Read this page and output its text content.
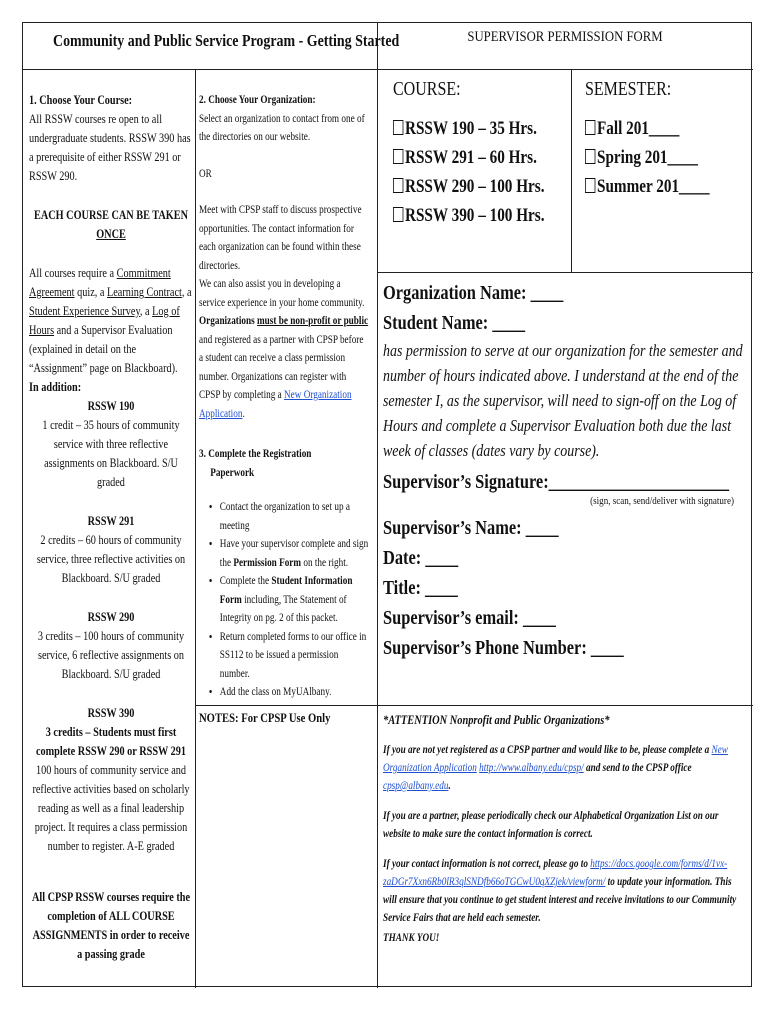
Community and Public Service Program - Getting Started	SUPERVISOR PERMISSION FORM

1. Choose Your Course:

All RSSW courses re open to all undergraduate students. RSSW 390 has a prerequisite of either RSSW 291 or RSSW 290.

EACH COURSE CAN BE TAKEN

ONCE

All courses require a Commitment Agreement quiz, a Learning Contract, a Student Experience Survey, a Log of Hours and a Supervisor Evaluation (explained in detail on the “Assignment” page on Blackboard).

In addition:

RSSW 190

1 credit – 35 hours of community service with three reflective assignments on Blackboard. S/U graded

RSSW 291

2 credits – 60 hours of community service, three reflective activities on Blackboard. S/U graded

RSSW 290

3 credits – 100 hours of community service, 6 reflective assignments on Blackboard. S/U graded

RSSW 390

3 credits – Students must first complete RSSW 290 or RSSW 291

100 hours of community service and reflective activities based on scholarly reading as well as a final leadership project. It requires a class permission number to register. A-E graded

All CPSP RSSW courses require the completion of ALL COURSE ASSIGNMENTS in order to receive a passing grade

2. Choose Your Organization:

Select an organization to contact from one of the directories on our website.

OR

Meet with CPSP staff to discuss prospective opportunities. The contact information for each organization can be found within these directories.

We can also assist you in developing a service experience in your home community.

Organizations must be non-profit or public and registered as a partner with CPSP before a student can receive a class permission number. Organizations can register with CPSP by completing a New Organization Application.

3. Complete the Registration

Paperwork

• Contact the organization to set up a meeting
• Have your supervisor complete and sign the Permission Form on the right.
• Complete the Student Information Form including, The Statement of Integrity on pg. 2 of this packet.
• Return completed forms to our office in SS112 to be issued a permission number.
• Add the class on MyUAlbany.
NOTES: For CPSP Use Only
COURSE:
RSSW 190 – 35 Hrs.
RSSW 291 – 60 Hrs.
RSSW 290 – 100 Hrs.
RSSW 390 – 100 Hrs.
SEMESTER:
Fall 201____
Spring 201____
Summer 201____

Organization Name: ____

Student Name: ____

has permission to serve at our organization for the semester and number of hours indicated above. I understand at the end of the semester I, as the supervisor, will need to sign-off on the Log of Hours and complete a Supervisor Evaluation both due the last week of classes (dates vary by course).

Supervisor’s Signature:______________________

(sign, scan, send/deliver with signature)

Supervisor’s Name: ____

Date: ____

Title: ____

Supervisor’s email: ____

Supervisor’s Phone Number: ____

*ATTENTION Nonprofit and Public Organizations*

If you are not yet registered as a CPSP partner and would like to be, please complete a New Organization Application http://www.albany.edu/cpsp/ and send to the CPSP office cpsp@albany.edu.

If you are a partner, please periodically check our Alphabetical Organization List on our website to make sure the contact information is correct.

If your contact information is not correct, please go to https://docs.google.com/forms/d/1vx-zaDGr7Xxn6Rb0lR3qlSNDfb66oTGCwU0qXZjek/viewform/ to update your information. This will ensure that you continue to get student interest and receive invitations to our Community Service Fairs that are held each semester.

THANK YOU!
